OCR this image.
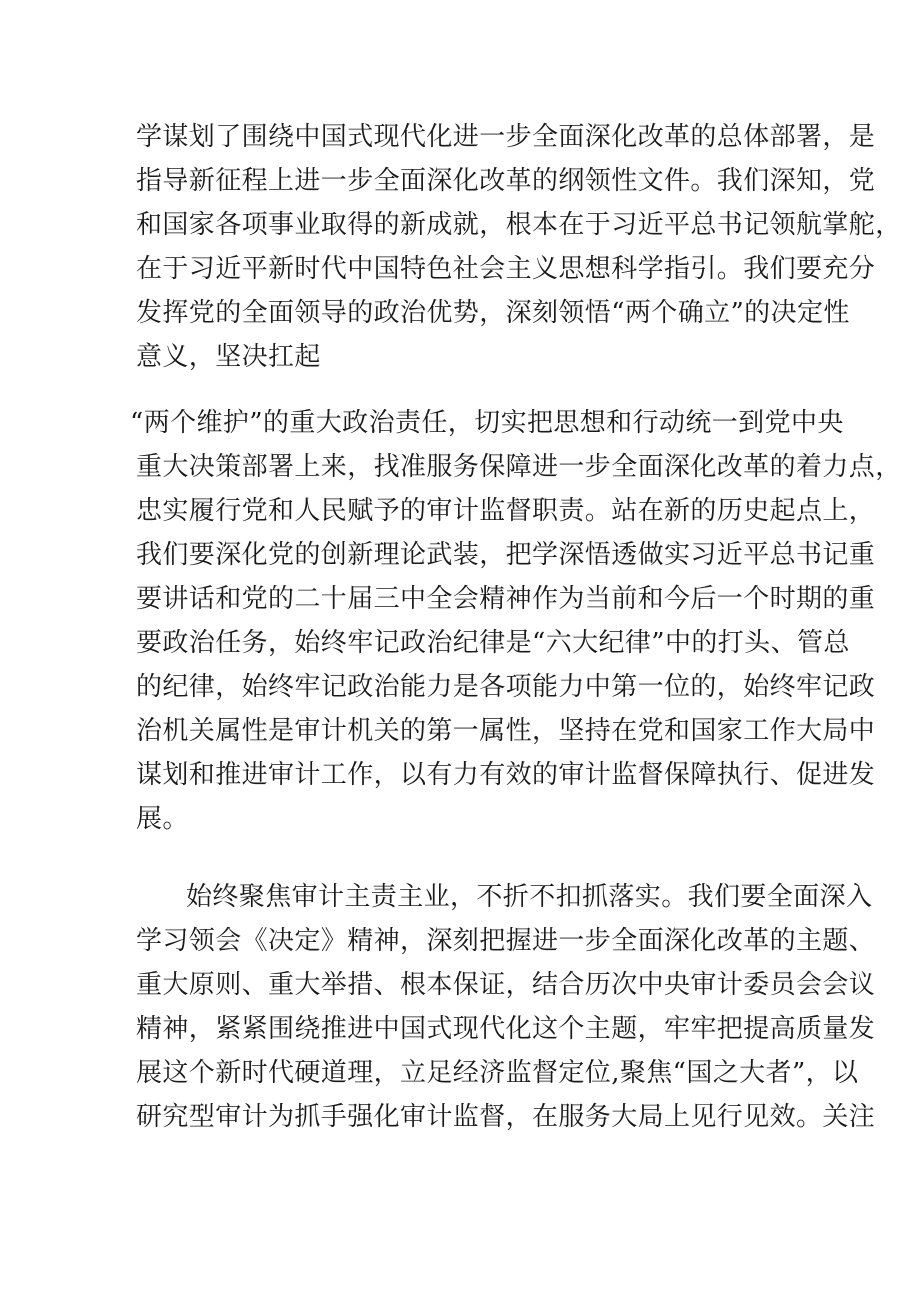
学谋划了围绕中国式现代化进一步全面深化改革的总体部署，是
指导新征程上进一步全面深化改革的纲领性文件。我们深知，党
和国家各项事业取得的新成就，根本在于习近平总书记领航掌舵，
在于习近平新时代中国特色社会主义思想科学指引。我们要充分
发挥党的全面领导的政治优势，深刻领悟“两个确立”的决定性
意义，坚决扛起
“两个维护”的重大政治责任，切实把思想和行动统一到党中央
重大决策部署上来，找准服务保障进一步全面深化改革的着力点，
忠实履行党和人民赋予的审计监督职责。站在新的历史起点上，
我们要深化党的创新理论武装，把学深悟透做实习近平总书记重
要讲话和党的二十届三中全会精神作为当前和今后一个时期的重
要政治任务，始终牢记政治纪律是“六大纪律”中的打头、管总
的纪律，始终牢记政治能力是各项能力中第一位的，始终牢记政
治机关属性是审计机关的第一属性，坚持在党和国家工作大局中
谋划和推进审计工作，以有力有效的审计监督保障执行、促进发
展。
始终聚焦审计主责主业，不折不扣抓落实。我们要全面深入
学习领会《决定》精神，深刻把握进一步全面深化改革的主题、
重大原则、重大举措、根本保证，结合历次中央审计委员会会议
精神，紧紧围绕推进中国式现代化这个主题，牢牢把提高质量发
展这个新时代硬道理，立足经济监督定位,聚焦“国之大者”，以
研究型审计为抓手强化审计监督，在服务大局上见行见效。关注
